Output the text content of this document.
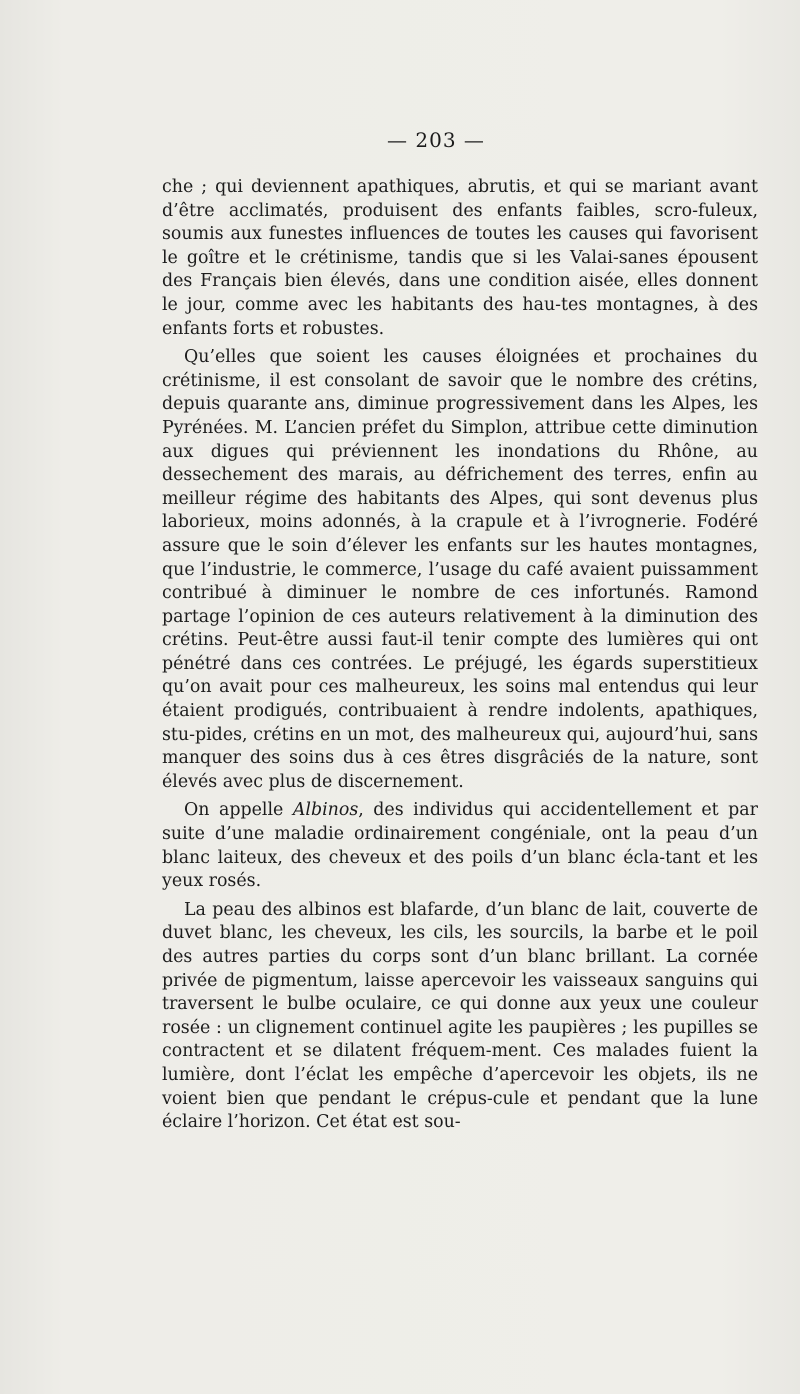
— 203 —

che ; qui deviennent apathiques, abrutis, et qui se mariant avant d’être acclimatés, produisent des enfants faibles, scro-fuleux, soumis aux funestes influences de toutes les causes qui favorisent le goître et le crétinisme, tandis que si les Valai-sanes épousent des Français bien élevés, dans une condition aisée, elles donnent le jour, comme avec les habitants des hau-tes montagnes, à des enfants forts et robustes.

Qu’elles que soient les causes éloignées et prochaines du crétinisme, il est consolant de savoir que le nombre des crétins, depuis quarante ans, diminue progressivement dans les Alpes, les Pyrénées. M. L’ancien préfet du Simplon, attribue cette diminution aux digues qui préviennent les inondations du Rhône, au dessechement des marais, au défrichement des terres, enfin au meilleur régime des habitants des Alpes, qui sont devenus plus laborieux, moins adonnés, à la crapule et à l’ivrognerie. Fodéré assure que le soin d’élever les enfants sur les hautes montagnes, que l’industrie, le commerce, l’usage du café avaient puissamment contribué à diminuer le nombre de ces infortunés. Ramond partage l’opinion de ces auteurs relativement à la diminution des crétins. Peut-être aussi faut-il tenir compte des lumières qui ont pénétré dans ces contrées. Le préjugé, les égards superstitieux qu’on avait pour ces malheureux, les soins mal entendus qui leur étaient prodigués, contribuaient à rendre indolents, apathiques, stu-pides, crétins en un mot, des malheureux qui, aujourd’hui, sans manquer des soins dus à ces êtres disgrâciés de la nature, sont élevés avec plus de discernement.

On appelle Albinos, des individus qui accidentellement et par suite d’une maladie ordinairement congéniale, ont la peau d’un blanc laiteux, des cheveux et des poils d’un blanc écla-tant et les yeux rosés.

La peau des albinos est blafarde, d’un blanc de lait, couverte de duvet blanc, les cheveux, les cils, les sourcils, la barbe et le poil des autres parties du corps sont d’un blanc brillant. La cornée privée de pigmentum, laisse apercevoir les vaisseaux sanguins qui traversent le bulbe oculaire, ce qui donne aux yeux une couleur rosée : un clignement continuel agite les paupières ; les pupilles se contractent et se dilatent fréquem-ment. Ces malades fuient la lumière, dont l’éclat les empêche d’apercevoir les objets, ils ne voient bien que pendant le crépus-cule et pendant que la lune éclaire l’horizon. Cet état est sou-
